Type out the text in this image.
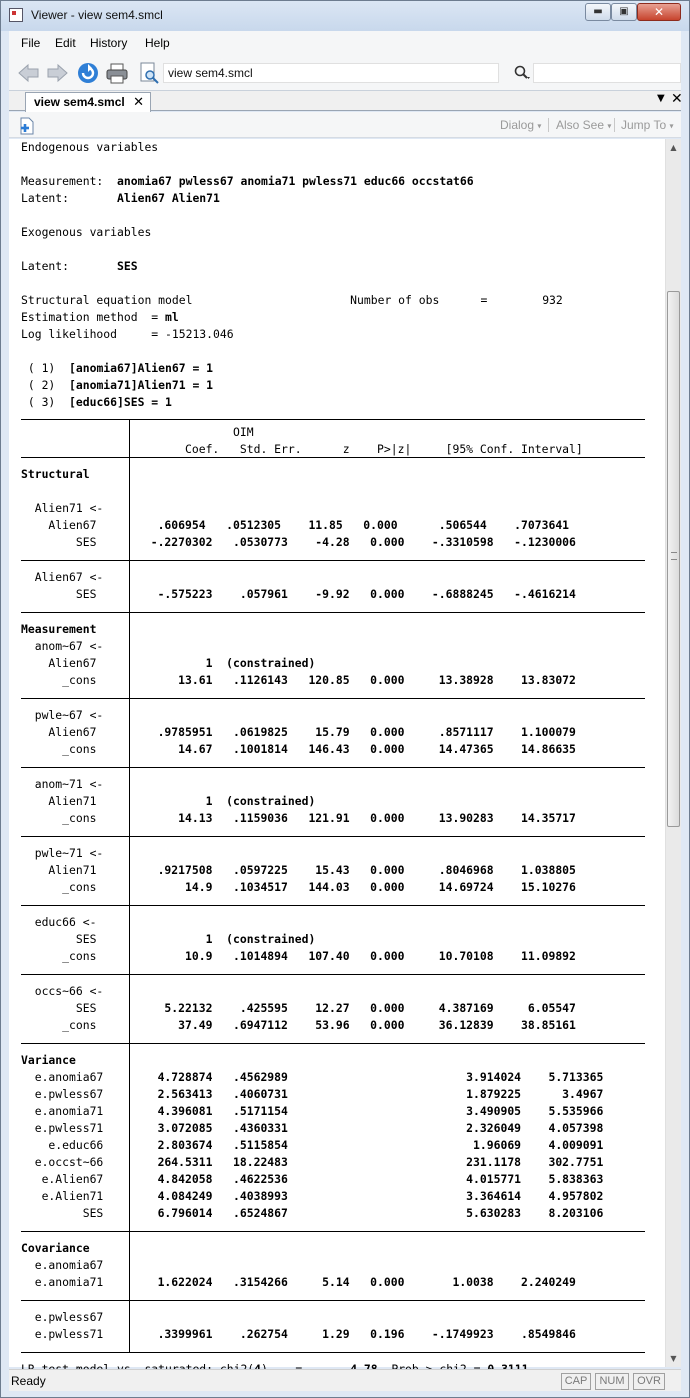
Viewer - view sem4.smcl	▬	▣	✕
File Edit History Help
view sem4.smcl
view sem4.smcl ✕	▼ ✕
Dialog ▾ Also See ▾ Jump To ▾
Endogenous variables
Measurement:  anomia67 pwless67 anomia71 pwless71 educ66 occstat66
Latent:       Alien67 Alien71
Exogenous variables
Latent:       SES
Structural equation model                       Number of obs      =        932
Estimation method  = ml
Log likelihood     = -15213.046
( 1)  [anomia67]Alien67 = 1
( 2)  [anomia71]Alien71 = 1
( 3)  [educ66]SES = 1
OIM
Coef.   Std. Err.      z    P>|z|     [95% Conf. Interval]
Structural
Alien71 <-
Alien67	.606954   .0512305    11.85   0.000      .506544    .7073641
SES	-.2270302   .0530773    -4.28   0.000    -.3310598   -.1230006
Alien67 <-
SES	-.575223    .057961    -9.92   0.000    -.6888245   -.4616214
Measurement
anom~67 <-
Alien67	1  (constrained)
_cons	13.61   .1126143   120.85   0.000     13.38928    13.83072
pwle~67 <-
Alien67	.9785951   .0619825    15.79   0.000     .8571117    1.100079
_cons	14.67   .1001814   146.43   0.000     14.47365    14.86635
anom~71 <-
Alien71	1  (constrained)
_cons	14.13   .1159036   121.91   0.000     13.90283    14.35717
pwle~71 <-
Alien71	.9217508   .0597225    15.43   0.000     .8046968    1.038805
_cons	14.9   .1034517   144.03   0.000     14.69724    15.10276
educ66 <-
SES	1  (constrained)
_cons	10.9   .1014894   107.40   0.000     10.70108    11.09892
occs~66 <-
SES	5.22132    .425595    12.27   0.000     4.387169     6.05547
_cons	37.49   .6947112    53.96   0.000     36.12839    38.85161
Variance
e.anomia67	4.728874   .4562989                          3.914024    5.713365
e.pwless67	2.563413   .4060731                          1.879225      3.4967
e.anomia71	4.396081   .5171154                          3.490905    5.535966
e.pwless71	3.072085   .4360331                          2.326049    4.057398
e.educ66	2.803674   .5115854                           1.96069    4.009091
e.occst~66	264.5311   18.22483                          231.1178    302.7751
e.Alien67	4.842058   .4622536                          4.015771    5.838363
e.Alien71	4.084249   .4038993                          3.364614    4.957802
SES	6.796014   .6524867                          5.630283    8.203106
Covariance
e.anomia67
e.anomia71	1.622024   .3154266     5.14   0.000       1.0038    2.240249
e.pwless67
e.pwless71	.3399961    .262754     1.29   0.196    -.1749923    .8549846
▲
▼
Ready	CAP	NUM	OVR
